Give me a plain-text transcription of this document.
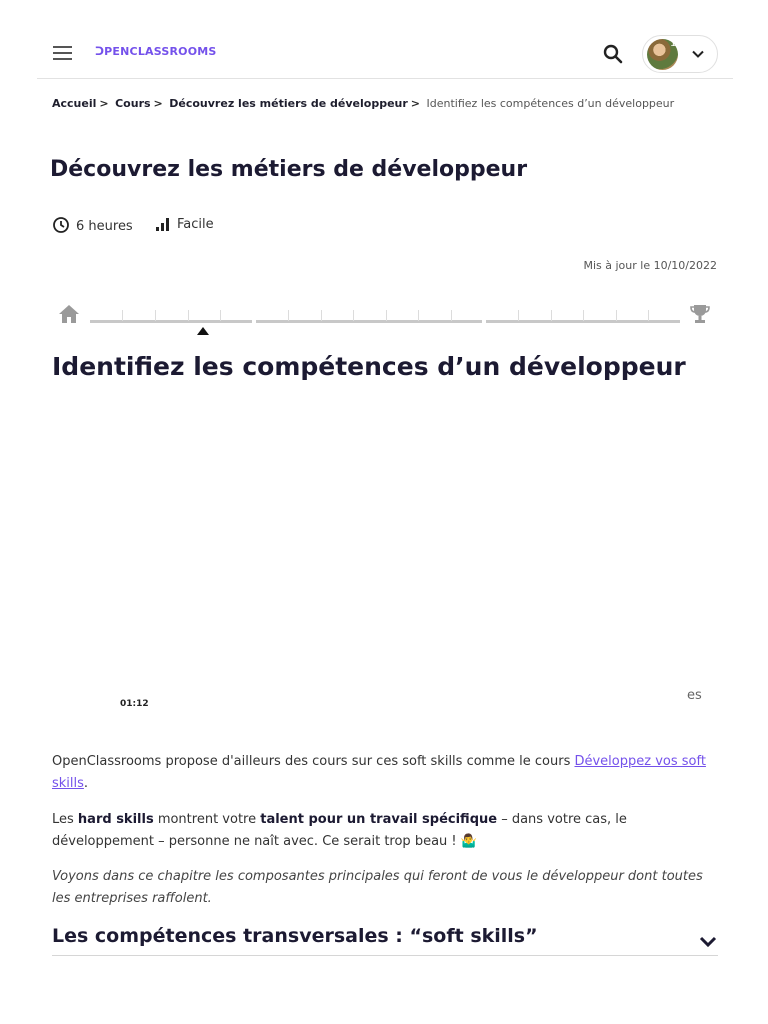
ᑐPENCLASSROOMS
1
Accueil > Cours > Découvrez les métiers de développeur > Identifiez les compétences d’un développeur
Découvrez les métiers de développeur
6 heures	Facile
Mis à jour le 10/10/2022
Identifiez les compétences d’un développeur
01:12
es

OpenClassrooms propose d'ailleurs des cours sur ces soft skills comme le cours Développez vos soft skills.

Les hard skills montrent votre talent pour un travail spécifique – dans votre cas, le développement – personne ne naît avec. Ce serait trop beau ! 🤷‍♂️

Voyons dans ce chapitre les composantes principales qui feront de vous le développeur dont toutes les entreprises raffolent.

Les compétences transversales : “soft skills”
